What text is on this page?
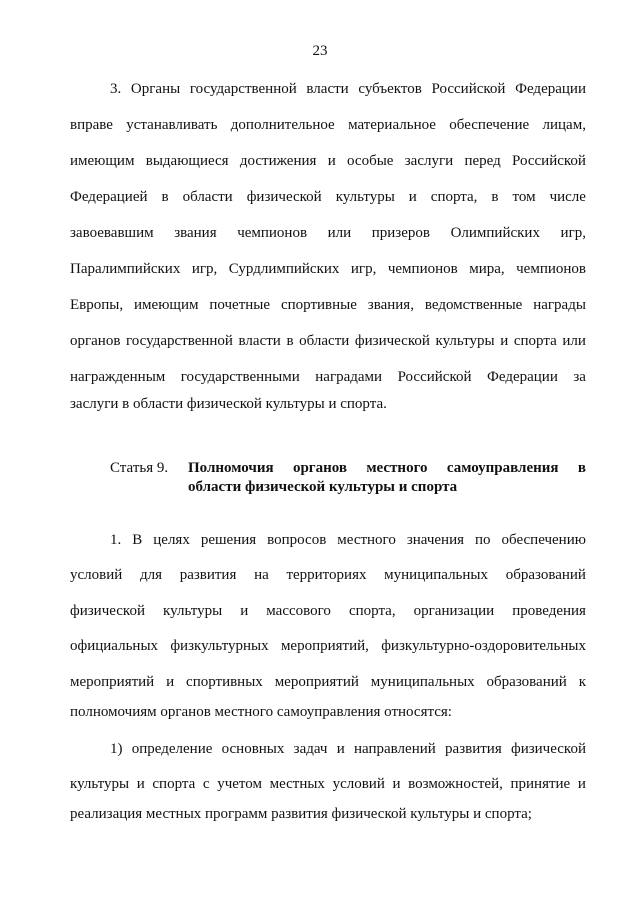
23
3. Органы государственной власти субъектов Российской Федерации
вправе устанавливать дополнительное материальное обеспечение лицам,
имеющим выдающиеся достижения и особые заслуги перед Российской
Федерацией в области физической культуры и спорта, в том числе
завоевавшим звания чемпионов или призеров Олимпийских игр,
Паралимпийских игр, Сурдлимпийских игр, чемпионов мира, чемпионов
Европы, имеющим почетные спортивные звания, ведомственные награды
органов государственной власти в области физической культуры и спорта или
награжденным государственными наградами Российской Федерации за
заслуги в области физической культуры и спорта.
Статья 9. Полномочия органов местного самоуправления в
области физической культуры и спорта
1. В целях решения вопросов местного значения по обеспечению
условий для развития на территориях муниципальных образований
физической культуры и массового спорта, организации проведения
официальных физкультурных мероприятий, физкультурно-оздоровительных
мероприятий и спортивных мероприятий муниципальных образований к
полномочиям органов местного самоуправления относятся:
1) определение основных задач и направлений развития физической
культуры и спорта с учетом местных условий и возможностей, принятие и
реализация местных программ развития физической культуры и спорта;
